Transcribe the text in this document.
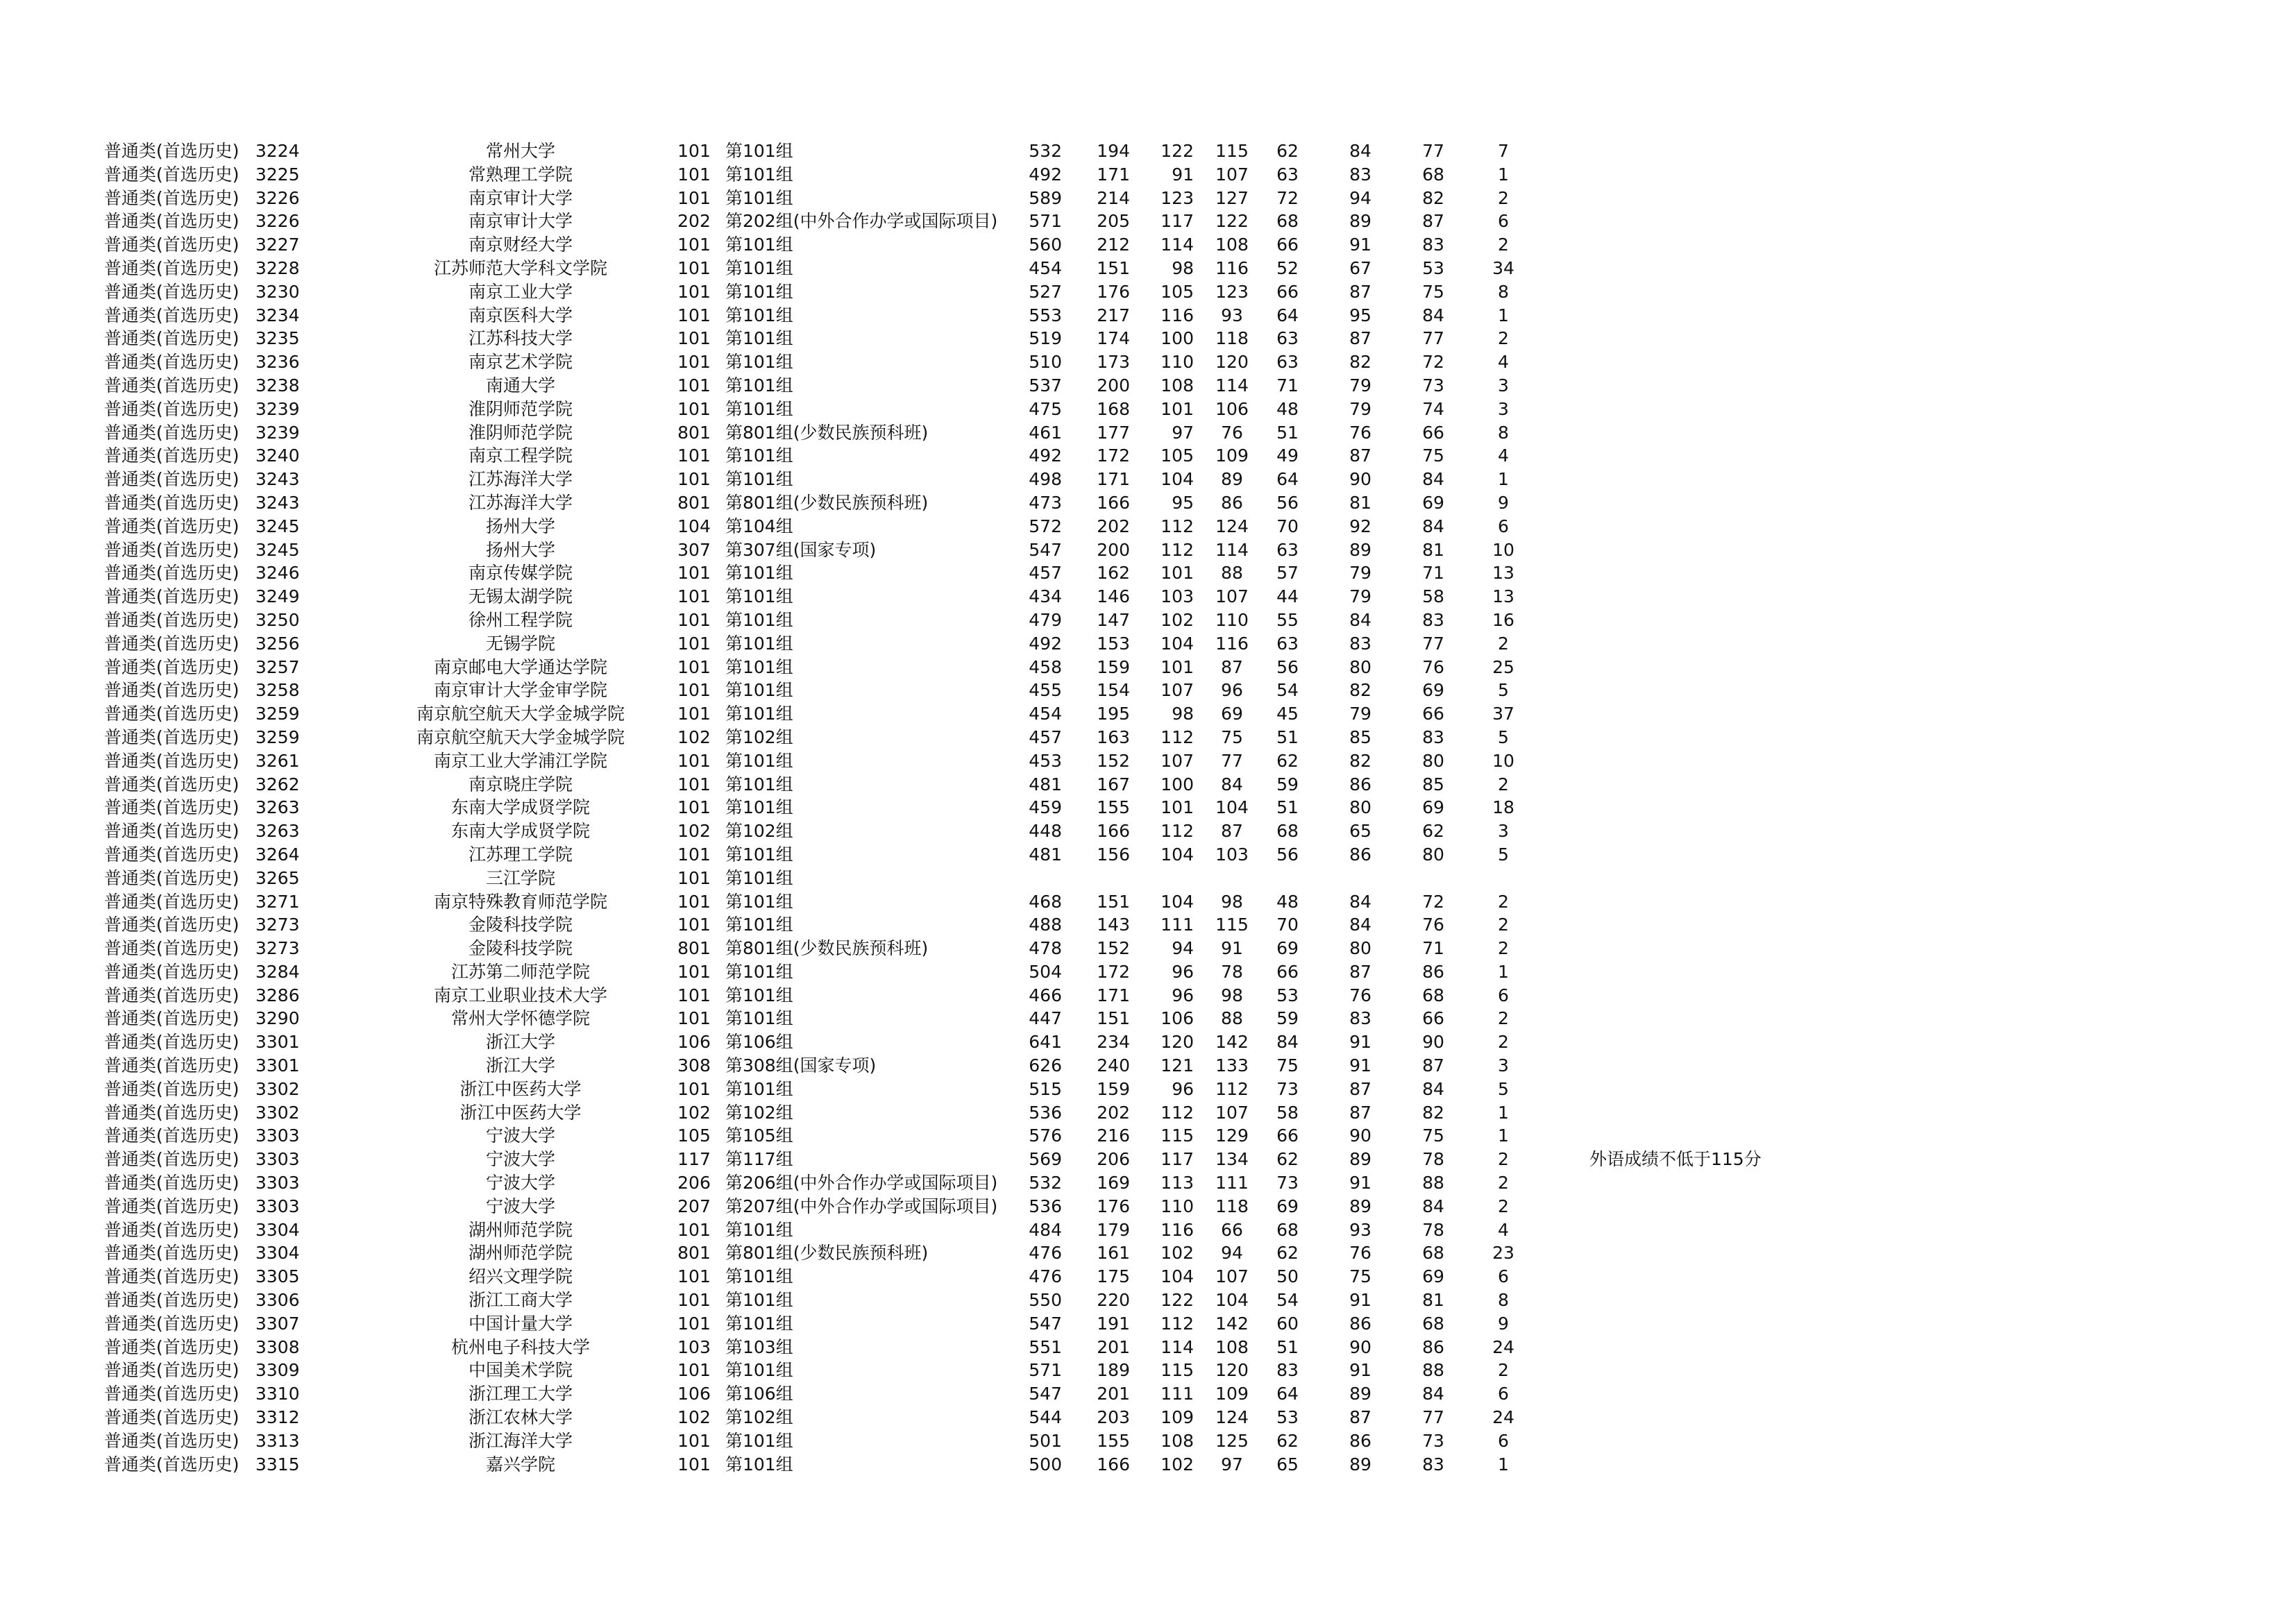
普通类(首选历史) 3224	常州大学	101 第101组	532 194	122	115	62	84	77	7
普通类(首选历史) 3225	常熟理工学院	101 第101组	492 171	91	107	63	83	68	1
普通类(首选历史) 3226	南京审计大学	101 第101组	589 214	123	127	72	94	82	2
普通类(首选历史) 3226	南京审计大学	202 第202组(中外合作办学或国际项目) 571 205	117	122	68	89	87	6
普通类(首选历史) 3227	南京财经大学	101 第101组	560 212	114	108	66	91	83	2
普通类(首选历史) 3228	江苏师范大学科文学院	101 第101组	454 151	98	116	52	67	53	34
普通类(首选历史) 3230	南京工业大学	101 第101组	527 176	105	123	66	87	75	8
普通类(首选历史) 3234	南京医科大学	101 第101组	553 217	116	93	64	95	84	1
普通类(首选历史) 3235	江苏科技大学	101 第101组	519 174	100	118	63	87	77	2
普通类(首选历史) 3236	南京艺术学院	101 第101组	510 173	110	120	63	82	72	4
普通类(首选历史) 3238	南通大学	101 第101组	537 200	108	114	71	79	73	3
普通类(首选历史) 3239	淮阴师范学院	101 第101组	475 168	101	106	48	79	74	3
普通类(首选历史) 3239	淮阴师范学院	801 第801组(少数民族预科班)	461 177	97	76	51	76	66	8
普通类(首选历史) 3240	南京工程学院	101 第101组	492 172	105	109	49	87	75	4
普通类(首选历史) 3243	江苏海洋大学	101 第101组	498 171	104	89	64	90	84	1
普通类(首选历史) 3243	江苏海洋大学	801 第801组(少数民族预科班)	473 166	95	86	56	81	69	9
普通类(首选历史) 3245	扬州大学	104 第104组	572 202	112	124	70	92	84	6
普通类(首选历史) 3245	扬州大学	307 第307组(国家专项)	547 200	112	114	63	89	81	10
普通类(首选历史) 3246	南京传媒学院	101 第101组	457 162	101	88	57	79	71	13
普通类(首选历史) 3249	无锡太湖学院	101 第101组	434 146	103	107	44	79	58	13
普通类(首选历史) 3250	徐州工程学院	101 第101组	479 147	102	110	55	84	83	16
普通类(首选历史) 3256	无锡学院	101 第101组	492 153	104	116	63	83	77	2
普通类(首选历史) 3257	南京邮电大学通达学院	101 第101组	458 159	101	87	56	80	76	25
普通类(首选历史) 3258	南京审计大学金审学院	101 第101组	455 154	107	96	54	82	69	5
普通类(首选历史) 3259	南京航空航天大学金城学院	101 第101组	454 195	98	69	45	79	66	37
普通类(首选历史) 3259	南京航空航天大学金城学院	102 第102组	457 163	112	75	51	85	83	5
普通类(首选历史) 3261	南京工业大学浦江学院	101 第101组	453 152	107	77	62	82	80	10
普通类(首选历史) 3262	南京晓庄学院	101 第101组	481 167	100	84	59	86	85	2
普通类(首选历史) 3263	东南大学成贤学院	101 第101组	459 155	101	104	51	80	69	18
普通类(首选历史) 3263	东南大学成贤学院	102 第102组	448 166	112	87	68	65	62	3
普通类(首选历史) 3264	江苏理工学院	101 第101组	481 156	104	103	56	86	80	5
普通类(首选历史) 3265	三江学院	101 第101组
普通类(首选历史) 3271	南京特殊教育师范学院	101 第101组	468 151	104	98	48	84	72	2
普通类(首选历史) 3273	金陵科技学院	101 第101组	488 143	111	115	70	84	76	2
普通类(首选历史) 3273	金陵科技学院	801 第801组(少数民族预科班)	478 152	94	91	69	80	71	2
普通类(首选历史) 3284	江苏第二师范学院	101 第101组	504 172	96	78	66	87	86	1
普通类(首选历史) 3286	南京工业职业技术大学	101 第101组	466 171	96	98	53	76	68	6
普通类(首选历史) 3290	常州大学怀德学院	101 第101组	447 151	106	88	59	83	66	2
普通类(首选历史) 3301	浙江大学	106 第106组	641 234	120	142	84	91	90	2
普通类(首选历史) 3301	浙江大学	308 第308组(国家专项)	626 240	121	133	75	91	87	3
普通类(首选历史) 3302	浙江中医药大学	101 第101组	515 159	96	112	73	87	84	5
普通类(首选历史) 3302	浙江中医药大学	102 第102组	536 202	112	107	58	87	82	1
普通类(首选历史) 3303	宁波大学	105 第105组	576 216	115	129	66	90	75	1
普通类(首选历史) 3303	宁波大学	117 第117组	569 206	117	134	62	89	78	2	外语成绩不低于115分
普通类(首选历史) 3303	宁波大学	206 第206组(中外合作办学或国际项目) 532 169	113	111	73	91	88	2
普通类(首选历史) 3303	宁波大学	207 第207组(中外合作办学或国际项目) 536 176	110	118	69	89	84	2
普通类(首选历史) 3304	湖州师范学院	101 第101组	484 179	116	66	68	93	78	4
普通类(首选历史) 3304	湖州师范学院	801 第801组(少数民族预科班)	476 161	102	94	62	76	68	23
普通类(首选历史) 3305	绍兴文理学院	101 第101组	476 175	104	107	50	75	69	6
普通类(首选历史) 3306	浙江工商大学	101 第101组	550 220	122	104	54	91	81	8
普通类(首选历史) 3307	中国计量大学	101 第101组	547 191	112	142	60	86	68	9
普通类(首选历史) 3308	杭州电子科技大学	103 第103组	551 201	114	108	51	90	86	24
普通类(首选历史) 3309	中国美术学院	101 第101组	571 189	115	120	83	91	88	2
普通类(首选历史) 3310	浙江理工大学	106 第106组	547 201	111	109	64	89	84	6
普通类(首选历史) 3312	浙江农林大学	102 第102组	544 203	109	124	53	87	77	24
普通类(首选历史) 3313	浙江海洋大学	101 第101组	501 155	108	125	62	86	73	6
普通类(首选历史) 3315	嘉兴学院	101 第101组	500 166	102	97	65	89	83	1
